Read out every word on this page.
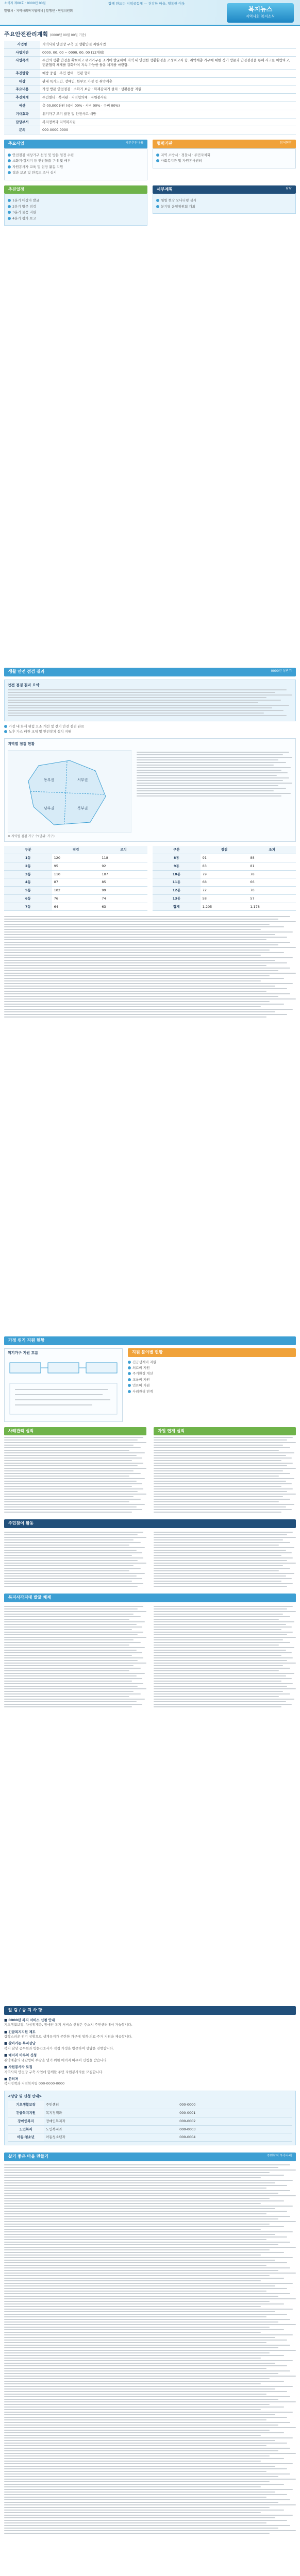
소식지 제00호 · 0000년 00월	함께 만드는 지역공동체 — 건강한 마을, 행복한 이웃
발행처 · 지역사회복지협의체 | 발행인 · 편집위원회	복지뉴스
지역사회 복지소식
주요안전관리계획 (0000년 00월 00일 기준)
사업명	지역사회 안전망 구축 및 생활안전 지원사업
사업기간	0000. 00. 00 ~ 0000. 00. 00 (12개월)
사업목적	주민의 생활 안전을 확보하고 위기가구를 조기에 발굴하여 지역 내 안전한 생활환경을 조성하고자 함. 취약계층 가구에 대한 정기 방문과 안전점검을 통해 사고를 예방하고, 민관협력 체계를 강화하여 지속 가능한 돌봄 체계를 마련함.
추진방향	예방 중심 · 주민 참여 · 민관 협력
대상	관내 독거노인, 장애인, 한부모 가정 등 취약계층
주요내용	가정 방문 안전점검 · 소화기 보급 · 화재감지기 설치 · 생활용품 지원
추진체계	주민센터 · 복지관 · 지역협의체 · 자원봉사단
예산	총 00,000천원 (국비 00% · 시비 00% · 구비 00%)
기대효과	위기가구 조기 발견 및 안전사고 예방
담당부서	복지정책과 지역복지팀
문의	000-0000-0000
주요사업	세부추진내용
안전점검 대상가구 선정 및 방문 일정 수립
소화기·감지기 등 안전물품 구매 및 배부
자원봉사자 교육 및 현장 활동 지원
결과 보고 및 만족도 조사 실시
협력기관	참여현황
지역 소방서 · 경찰서 · 주민자치회
사회복지관 및 자원봉사센터
추진일정
1분기 대상자 발굴
2분기 방문 점검
3분기 물품 지원
4분기 평가 보고
세부계획	담당
월별 현장 모니터링 실시
분기별 운영위원회 개최
생활 안전 점검 결과	0000년 상반기
안전 점검 결과 요약
가정 내 화재 위험 요소 개선 및 전기 안전 점검 완료
노후 가스 배관 교체 및 안전장치 설치 지원
지역별 점검 현황
동부권	서부권
남부권	북부권
※ 지역별 점검 가구 수(단위: 가구)
구분	점검	조치
1동	120	118
2동	95	92
3동	110	107
4동	87	85
5동	102	99
6동	76	74
7동	64	63
구분	점검	조치
8동	91	88
9동	83	81
10동	79	78
11동	68	66
12동	72	70
13동	58	57
합계	1,205	1,178
가정 위기 지원 현황
위기가구 지원 흐름	지원 분야별 현황
긴급생계비 지원
의료비 지원
주거환경 개선
교육비 지원
연료비 지원
사례관리 연계
사례관리 실적	자원 연계 실적
주민참여 활동
복지사각지대 발굴 체계
알 림 / 공 지 사 항
■ 0000년 복지 서비스 신청 안내
기초생활보장, 차상위계층, 장애인 복지 서비스 신청은 주소지 주민센터에서 가능합니다.
■ 긴급복지지원 제도
갑작스러운 위기 상황으로 생계유지가 곤란한 가구에 생계·의료·주거 지원을 제공합니다.
■ 찾아가는 복지상담
복지 담당 공무원과 방문간호사가 직접 가정을 방문하여 상담을 진행합니다.
■ 에너지 바우처 신청
취약계층의 냉난방비 부담을 덜기 위한 에너지 바우처 신청을 받습니다.
■ 자원봉사자 모집
지역사회 안전망 구축 사업에 함께할 주민 자원봉사자를 모집합니다.
■ 문의처
복지정책과 지역복지팀 000-0000-0000
<상담 및 신청 안내>
기초생활보장	주민센터	000-0000
긴급복지지원	복지정책과	000-0001
장애인복지	장애인복지과	000-0002
노인복지	노인복지과	000-0003
아동·청소년	아동청소년과	000-0004
살기 좋은 마을 만들기	주민참여 우수사례
